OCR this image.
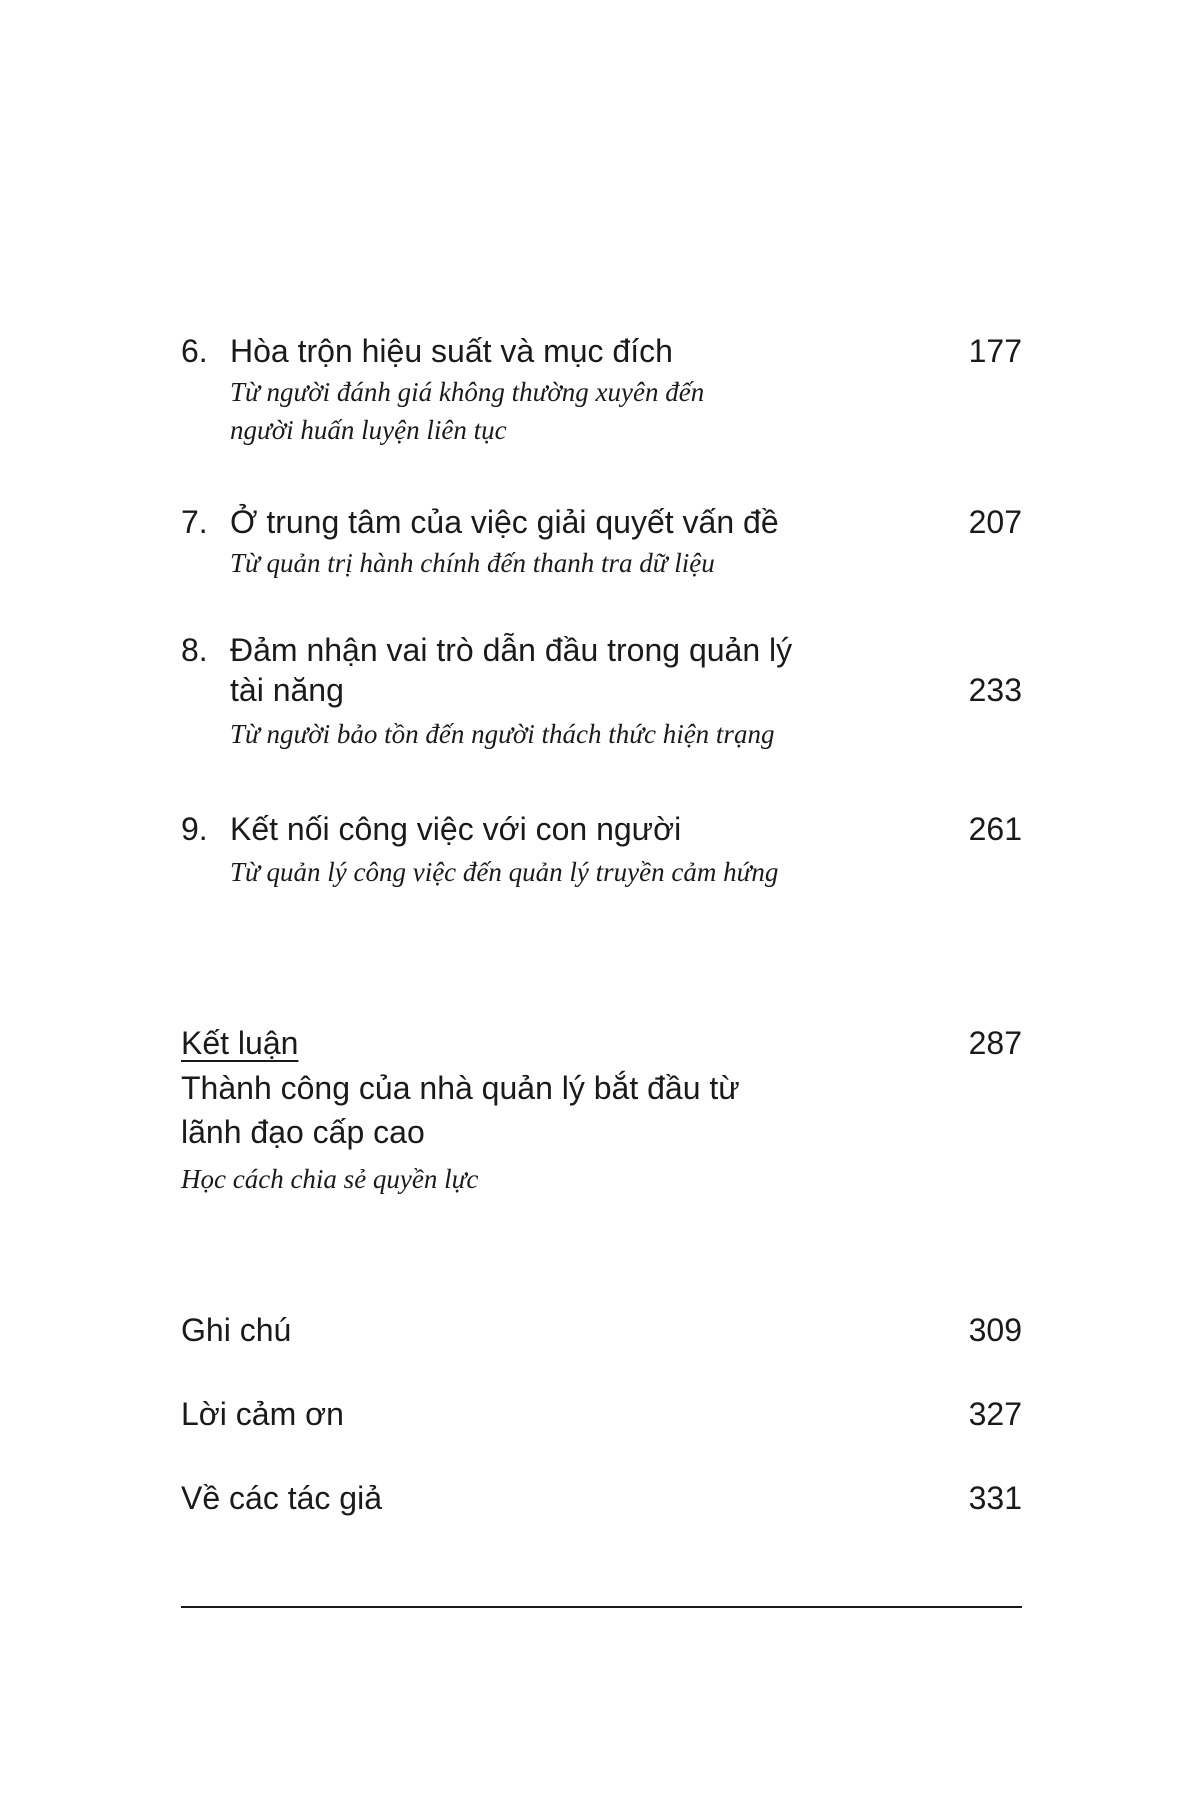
6. Hòa trộn hiệu suất và mục đích	177
Từ người đánh giá không thường xuyên đến
người huấn luyện liên tục
7. Ở trung tâm của việc giải quyết vấn đề	207
Từ quản trị hành chính đến thanh tra dữ liệu
8. Đảm nhận vai trò dẫn đầu trong quản lý
tài năng	233
Từ người bảo tồn đến người thách thức hiện trạng
9. Kết nối công việc với con người	261
Từ quản lý công việc đến quản lý truyền cảm hứng
Kết luận	287
Thành công của nhà quản lý bắt đầu từ
lãnh đạo cấp cao
Học cách chia sẻ quyền lực
Ghi chú	309
Lời cảm ơn	327
Về các tác giả	331
